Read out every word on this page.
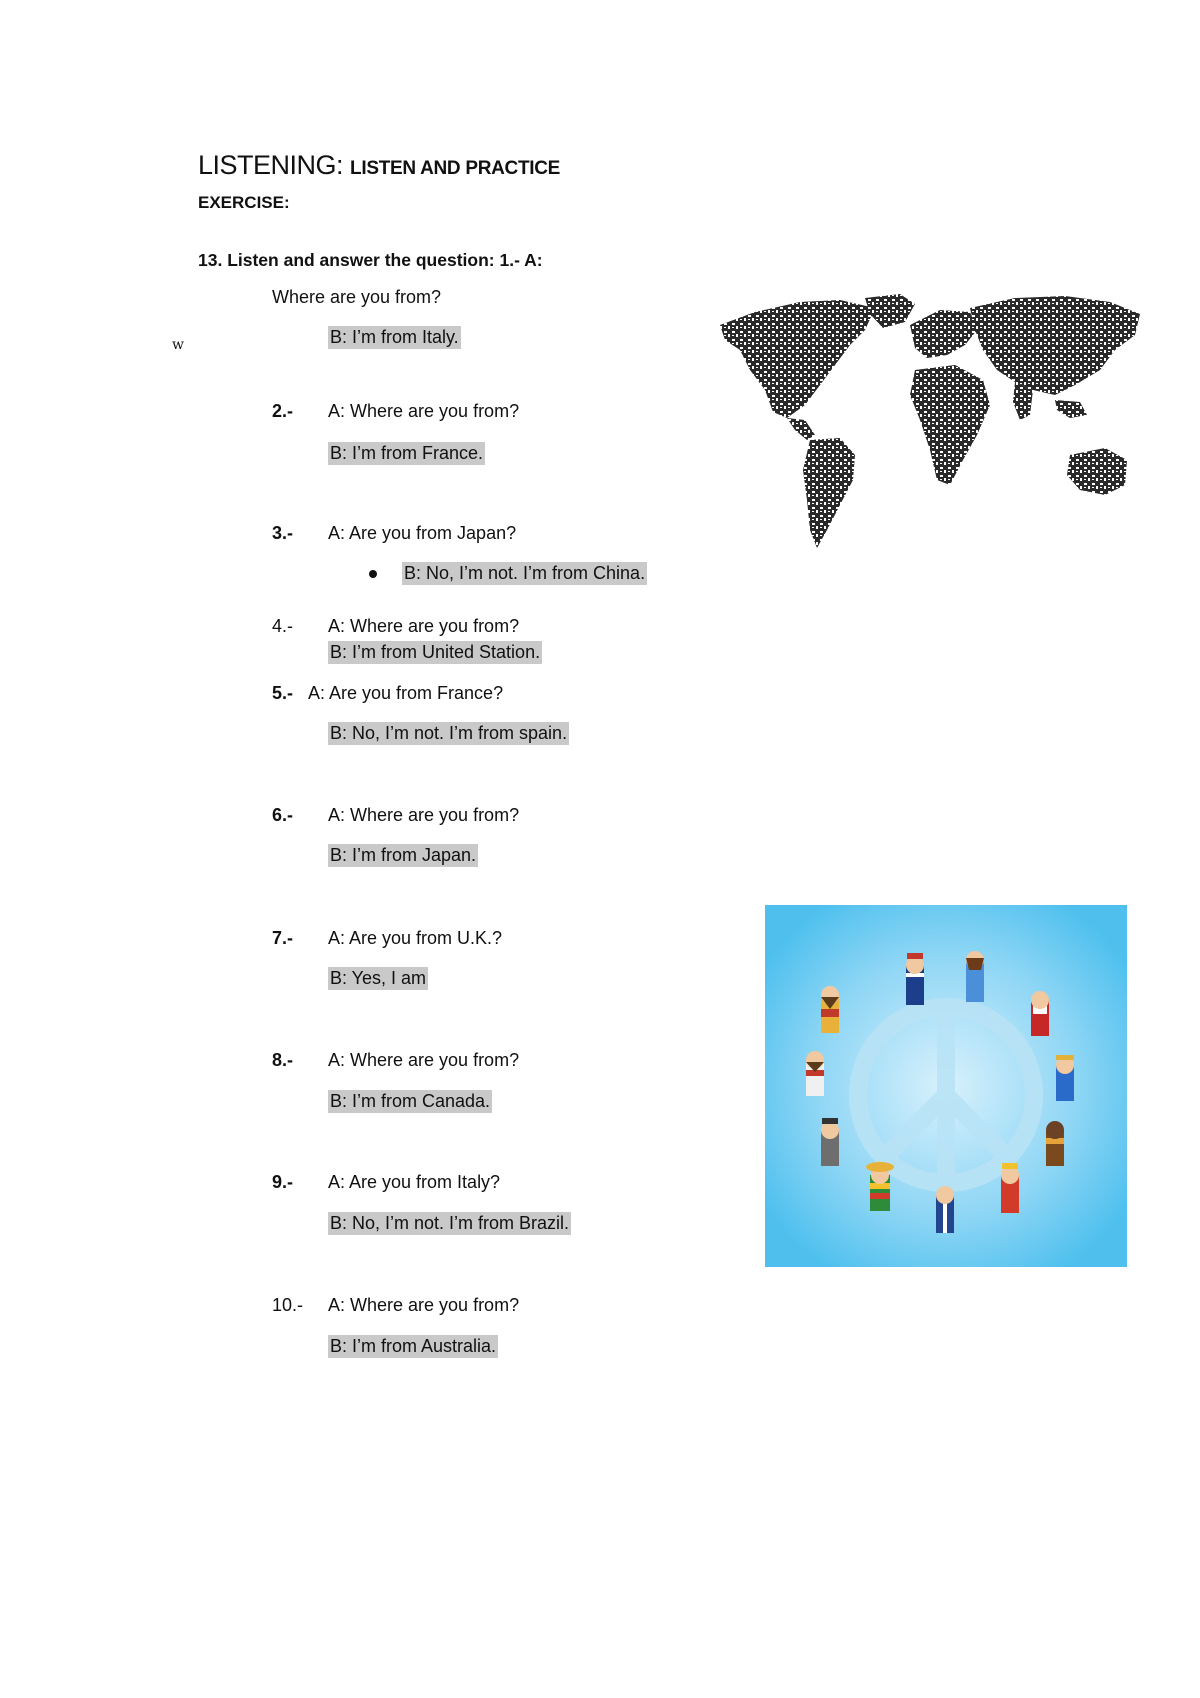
LISTENING: LISTEN AND PRACTICE
EXERCISE:
13. Listen and answer the question: 1.- A:
w
Where are you from?
B: I’m from Italy.
2.- A: Where are you from?
B: I’m from France.
3.- A: Are you from Japan?
B: No, I’m not. I’m from China.
4.- A: Where are you from?
B: I’m from United Station.
5.- A: Are you from France?
B: No, I’m not. I’m from spain.
6.- A: Where are you from?
B: I’m from Japan.
7.- A: Are you from U.K.?
B: Yes, I am
8.- A: Where are you from?
B: I’m from Canada.
9.- A: Are you from Italy?
B: No, I’m not. I’m from Brazil.
10.- A: Where are you from?
B: I’m from Australia.
